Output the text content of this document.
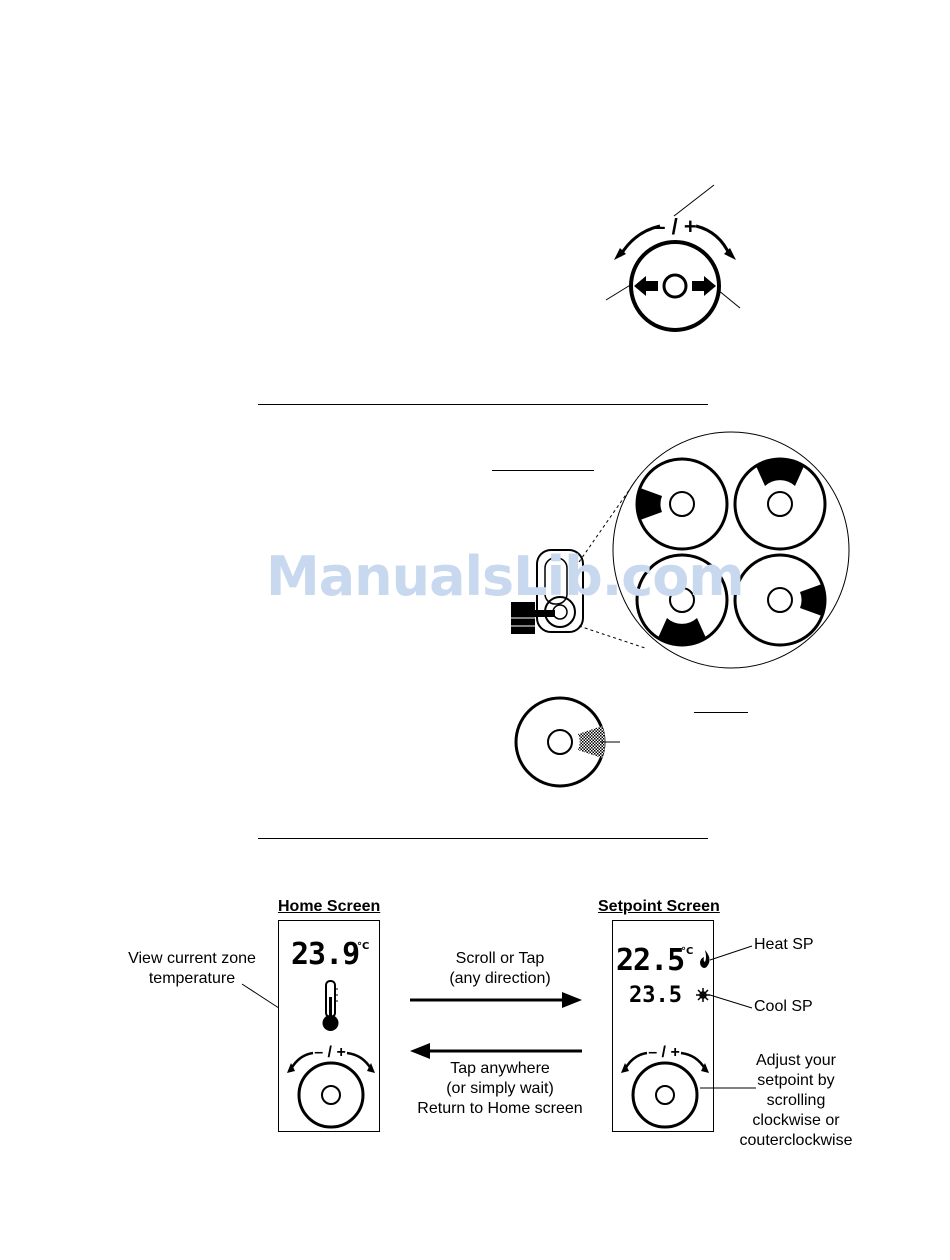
ManualsLib.com
– / +
Home Screen	Setpoint Screen
View current zone
temperature
23.9
°C
– / +
Scroll or Tap
(any direction)
Tap anywhere
(or simply wait)
Return to Home screen
22.5
°C
23.5
– / +
Heat SP
Cool SP
Adjust your
setpoint by
scrolling
clockwise or
couterclockwise
